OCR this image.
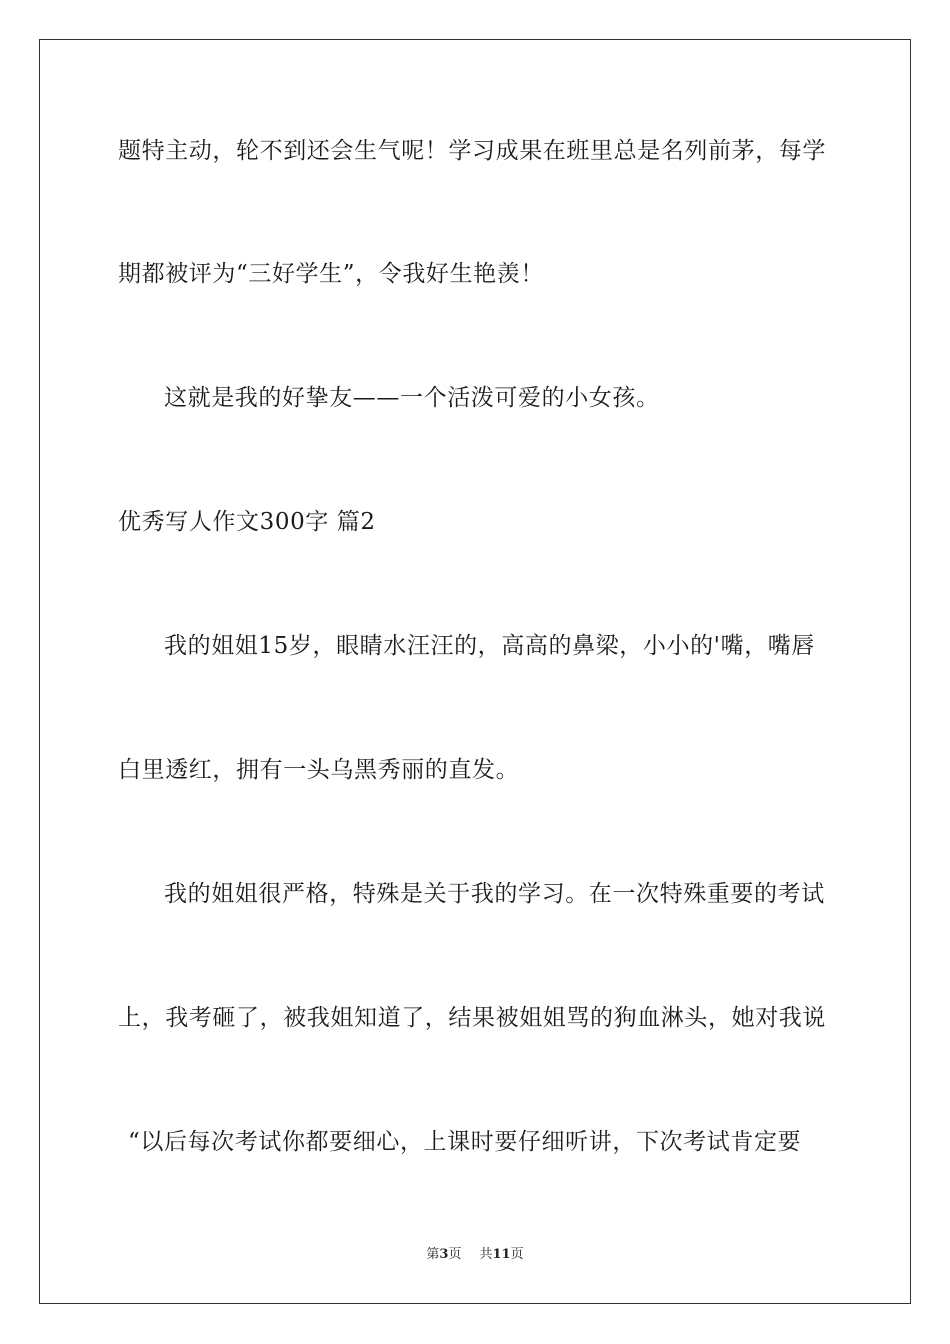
题特主动，轮不到还会生气呢！学习成果在班里总是名列前茅，每学
期都被评为“三好学生”，令我好生艳羡！
这就是我的好挚友——一个活泼可爱的小女孩。
优秀写人作文300字 篇2
我的姐姐15岁，眼睛水汪汪的，高高的鼻梁，小小的'嘴，嘴唇
白里透红，拥有一头乌黑秀丽的直发。
我的姐姐很严格，特殊是关于我的学习。在一次特殊重要的考试
上，我考砸了，被我姐知道了，结果被姐姐骂的狗血淋头，她对我说
“以后每次考试你都要细心，上课时要仔细听讲，下次考试肯定要
第3页 共11页
